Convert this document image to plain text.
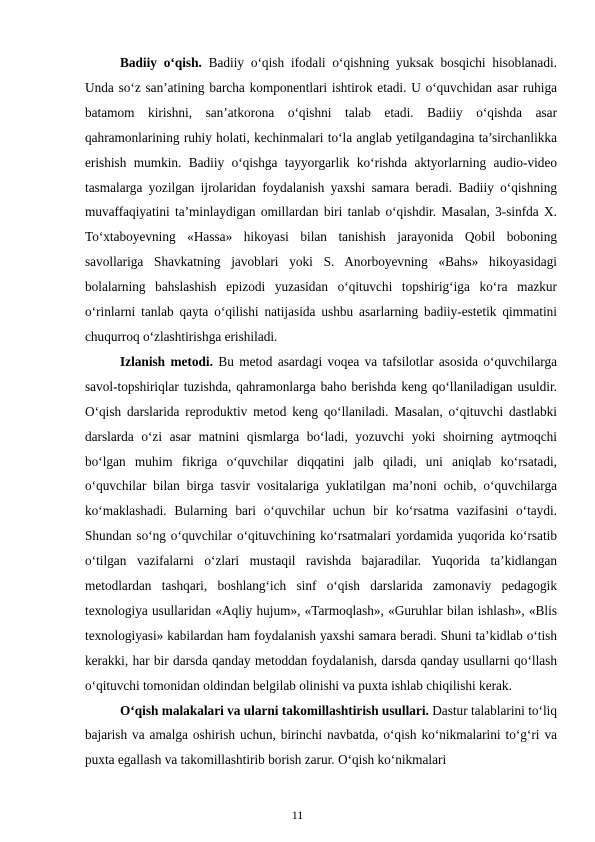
Badiiy o‘qish. Badiiy o‘qish ifodali o‘qishning yuksak bosqichi hisoblanadi. Unda so‘z san’atining barcha komponentlari ishtirok etadi. U o‘quvchidan asar ruhiga batamom kirishni, san’atkorona o‘qishni talab etadi. Badiiy o‘qishda asar qahramonlarining ruhiy holati, kechinmalari to‘la anglab yetilgandagina ta’sirchanlikka erishish mumkin. Badiiy o‘qishga tayyorgarlik ko‘rishda aktyorlarning audio-video tasmalarga yozilgan ijrolaridan foydalanish yaxshi samara beradi. Badiiy o‘qishning muvaffaqiyatini ta’minlaydigan omillardan biri tanlab o‘qishdir. Masalan, 3-sinfda X. To‘xtaboyevning «Hassa» hikoyasi bilan tanishish jarayonida Qobil boboning savollariga Shavkatning javoblari yoki S. Anorboyevning «Bahs» hikoyasidagi bolalarning bahslashish epizodi yuzasidan o‘qituvchi topshirig‘iga ko‘ra mazkur o‘rinlarni tanlab qayta o‘qilishi natijasida ushbu asarlarning badiiy-estetik qimmatini chuqurroq o‘zlashtirishga erishiladi.

Izlanish metodi. Bu metod asardagi voqea va tafsilotlar asosida o‘quvchilarga savol-topshiriqlar tuzishda, qahramonlarga baho berishda keng qo‘llaniladigan usuldir. O‘qish darslarida reproduktiv metod keng qo‘llaniladi. Masalan, o‘qituvchi dastlabki darslarda o‘zi asar matnini qismlarga bo‘ladi, yozuvchi yoki shoirning aytmoqchi bo‘lgan muhim fikriga o‘quvchilar diqqatini jalb qiladi, uni aniqlab ko‘rsatadi, o‘quvchilar bilan birga tasvir vositalariga yuklatilgan ma’noni ochib, o‘quvchilarga ko‘maklashadi. Bularning bari o‘quvchilar uchun bir ko‘rsatma vazifasini o‘taydi. Shundan so‘ng o‘quvchilar o‘qituvchining ko‘rsatmalari yordamida yuqorida ko‘rsatib o‘tilgan vazifalarni o‘zlari mustaqil ravishda bajaradilar. Yuqorida ta’kidlangan metodlardan tashqari, boshlang‘ich sinf o‘qish darslarida zamonaviy pedagogik texnologiya usullaridan «Aqliy hujum», «Tarmoqlash», «Guruhlar bilan ishlash», «Blis texnologiyasi» kabilardan ham foydalanish yaxshi samara beradi. Shuni ta’kidlab o‘tish kerakki, har bir darsda qanday metoddan foydalanish, darsda qanday usullarni qo‘llash o‘qituvchi tomonidan oldindan belgilab olinishi va puxta ishlab chiqilishi kerak.

O‘qish malakalari va ularni takomillashtirish usullari. Dastur talablarini to‘liq bajarish va amalga oshirish uchun, birinchi navbatda, o‘qish ko‘nikmalarini to‘g‘ri va puxta egallash va takomillashtirib borish zarur. O‘qish ko‘nikmalari

11
